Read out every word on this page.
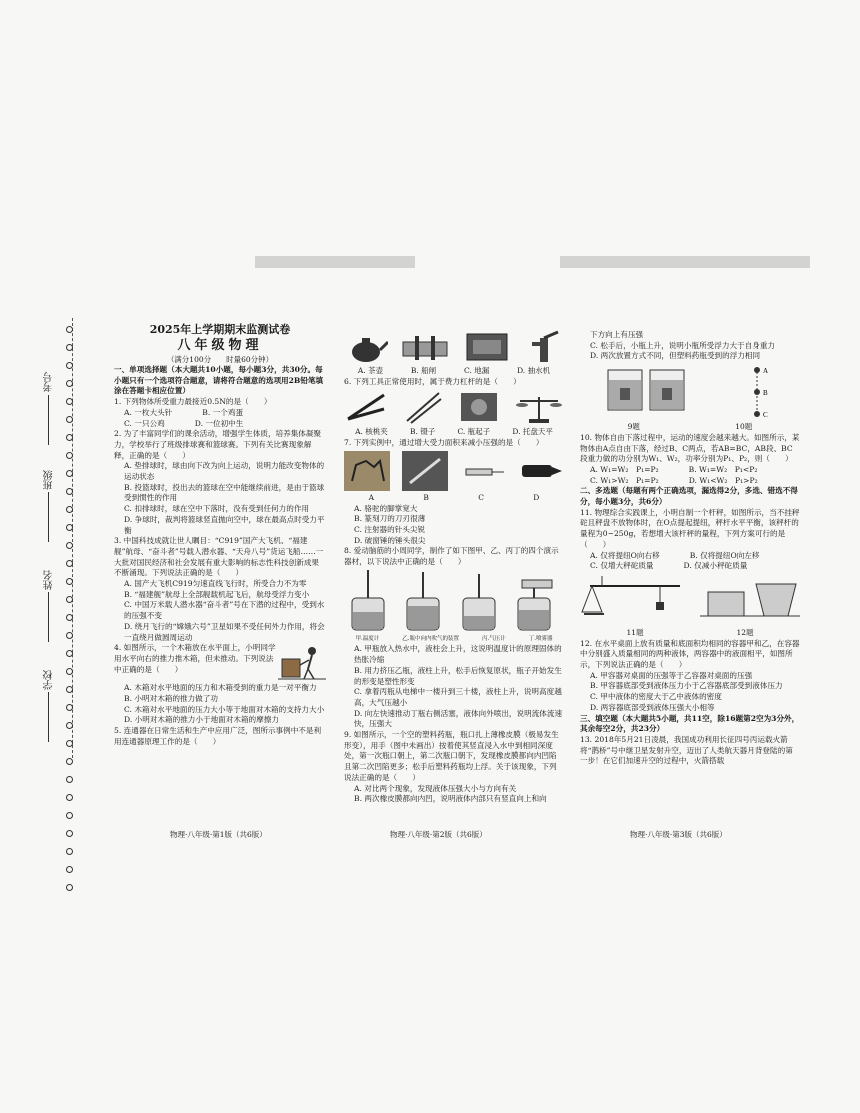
考号
班级
姓名
学校

2025年上学期期末监测试卷

八年级物理

（满分100分　　时量60分钟）

一、单项选择题（本大题共10小题，每小题3分，共30分。每小题只有一个选项符合题意，请将符合题意的选项用2B铅笔填涂在答题卡相应位置）

1. 下列物体所受重力最接近0.5N的是（　　）

A. 一枚大头针	B. 一个鸡蛋
C. 一只公鸡	D. 一位初中生

2. 为了丰富同学们的课余活动，增强学生体质，培养集体凝聚力，学校举行了班级排球赛和篮球赛。下列有关比赛现象解释，正确的是（　　）

A. 垫排球时，球由向下改为向上运动，说明力能改变物体的运动状态

B. 投篮球时，投出去的篮球在空中能继续前进，是由于篮球受到惯性的作用

C. 扣排球时，球在空中下落时，没有受到任何力的作用

D. 争球时，裁判将篮球竖直抛向空中，球在最高点时受力平衡

3. 中国科技成就让世人瞩目：“C919”国产大飞机、“福建舰”航母、“奋斗者”号载人潜水器、“天舟八号”货运飞船……一大批对国民经济和社会发展有重大影响的标志性科技创新成果不断涌现。下列说法正确的是（　　）

A. 国产大飞机C919匀速直线飞行时，所受合力不为零

B. “福建舰”航母上全部舰载机起飞后，航母受浮力变小

C. 中国万米载人潜水器“奋斗者”号在下潜的过程中，受到水的压强不变

D. 绕月飞行的“嫦娥六号”卫星如果不受任何外力作用，将会一直绕月做圆周运动

4. 如图所示，一个木箱放在水平面上，小明同学用水平向右的推力推木箱，但未推动。下列说法中正确的是（　　）

A. 木箱对水平地面的压力和木箱受到的重力是一对平衡力

B. 小明对木箱的推力做了功

C. 木箱对水平地面的压力大小等于地面对木箱的支持力大小

D. 小明对木箱的推力小于地面对木箱的摩擦力

5. 连通器在日常生活和生产中应用广泛，图所示事例中不是利用连通器原理工作的是（　　）

物理·八年级·第1版（共6版）
A. 茶壶	B. 船闸	C. 地漏	D. 抽水机

6. 下列工具正常使用时，属于费力杠杆的是（　　）

A. 核桃夹	B. 镊子	C. 瓶起子	D. 托盘天平

7. 下列实例中，通过增大受力面积来减小压强的是（　　）

A	B	C	D

A. 骆驼的脚掌宽大

B. 篆刻刀的刀刃很薄

C. 注射器的针头尖锐

D. 破窗锤的锤头很尖

8. 爱动脑筋的小周同学，制作了如下图甲、乙、丙丁的四个演示器材，以下说法中正确的是（　　）

甲.温度计	乙.瓶中向内吹气的装置	丙.气压计	丁.喷雾器

A. 甲瓶放入热水中，液柱会上升，这说明温度计的原理固体的热胀冷缩

B. 用力挤压乙瓶，液柱上升，松手后恢复原状，瓶子开始发生的形变是塑性形变

C. 拿着丙瓶从电梯中一楼升到三十楼，液柱上升，说明高度越高，大气压越小

D. 向左快速推动丁瓶右侧活塞，液体向外喷出，说明流体流速快，压强大

9. 如图所示，一个空的塑料药瓶，瓶口扎上薄橡皮膜（极易发生形变），用手（图中未画出）按着使其竖直浸入水中到相同深度处，第一次瓶口朝上，第二次瓶口朝下，发现橡皮膜都向内凹陷且第二次凹陷更多；松手后塑料药瓶均上浮。关于该现象，下列说法正确的是（　　）

A. 对比两个现象，发现液体压强大小与方向有关

B. 两次橡皮膜都向内凹，说明液体内部只有竖直向上和向

物理·八年级·第2版（共6版）

下方向上有压强

C. 松手后，小瓶上升，说明小瓶所受浮力大于自身重力

D. 两次放置方式不同，但塑料药瓶受到的浮力相同

A
B
C
9题	10题

10. 物体自由下落过程中，运动的速度会越来越大。如图所示，某物体由A点自由下落，经过B、C两点，若AB=BC，AB段、BC段重力做的功分别为W₁、W₂，功率分别为P₁、P₂，则（　　）

A. W₁=W₂　P₁=P₂	B. W₁=W₂　P₁<P₂
C. W₁>W₂　P₁=P₂	D. W₁<W₂　P₁>P₂

二、多选题（每题有两个正确选项，漏选得2分，多选、错选不得分，每小题3分，共6分）

11. 物理综合实践课上，小明自制一个杆秤，如图所示，当不挂秤砣且秤盘不放物体时，在O点提起提纽，秤杆水平平衡，该秤杆的量程为0~250g，若想增大该杆秤的量程，下列方案可行的是（　　）

A. 仅将提纽O向右移	B. 仅将提纽O向左移
C. 仅增大秤砣质量	D. 仅减小秤砣质量
11题	12题

12. 在水平桌面上放有质量和底面积均相同的容器甲和乙，在容器中分别盛入质量相同的两种液体，两容器中的液面相平，如图所示，下列说法正确的是（　　）

A. 甲容器对桌面的压强等于乙容器对桌面的压强

B. 甲容器底部受到液体压力小于乙容器底部受到液体压力

C. 甲中液体的密度大于乙中液体的密度

D. 两容器底部受到液体压强大小相等

三、填空题（本大题共5小题，共11空，除16题第2空为3分外，其余每空2分，共23分）

13. 2018年5月21日凌晨，我国成功利用长征四号丙运载火箭将“鹊桥”号中继卫星发射升空，迈出了人类航天器月背登陆的第一步！在它们加速升空的过程中，火箭搭载

物理·八年级·第3版（共6版）
